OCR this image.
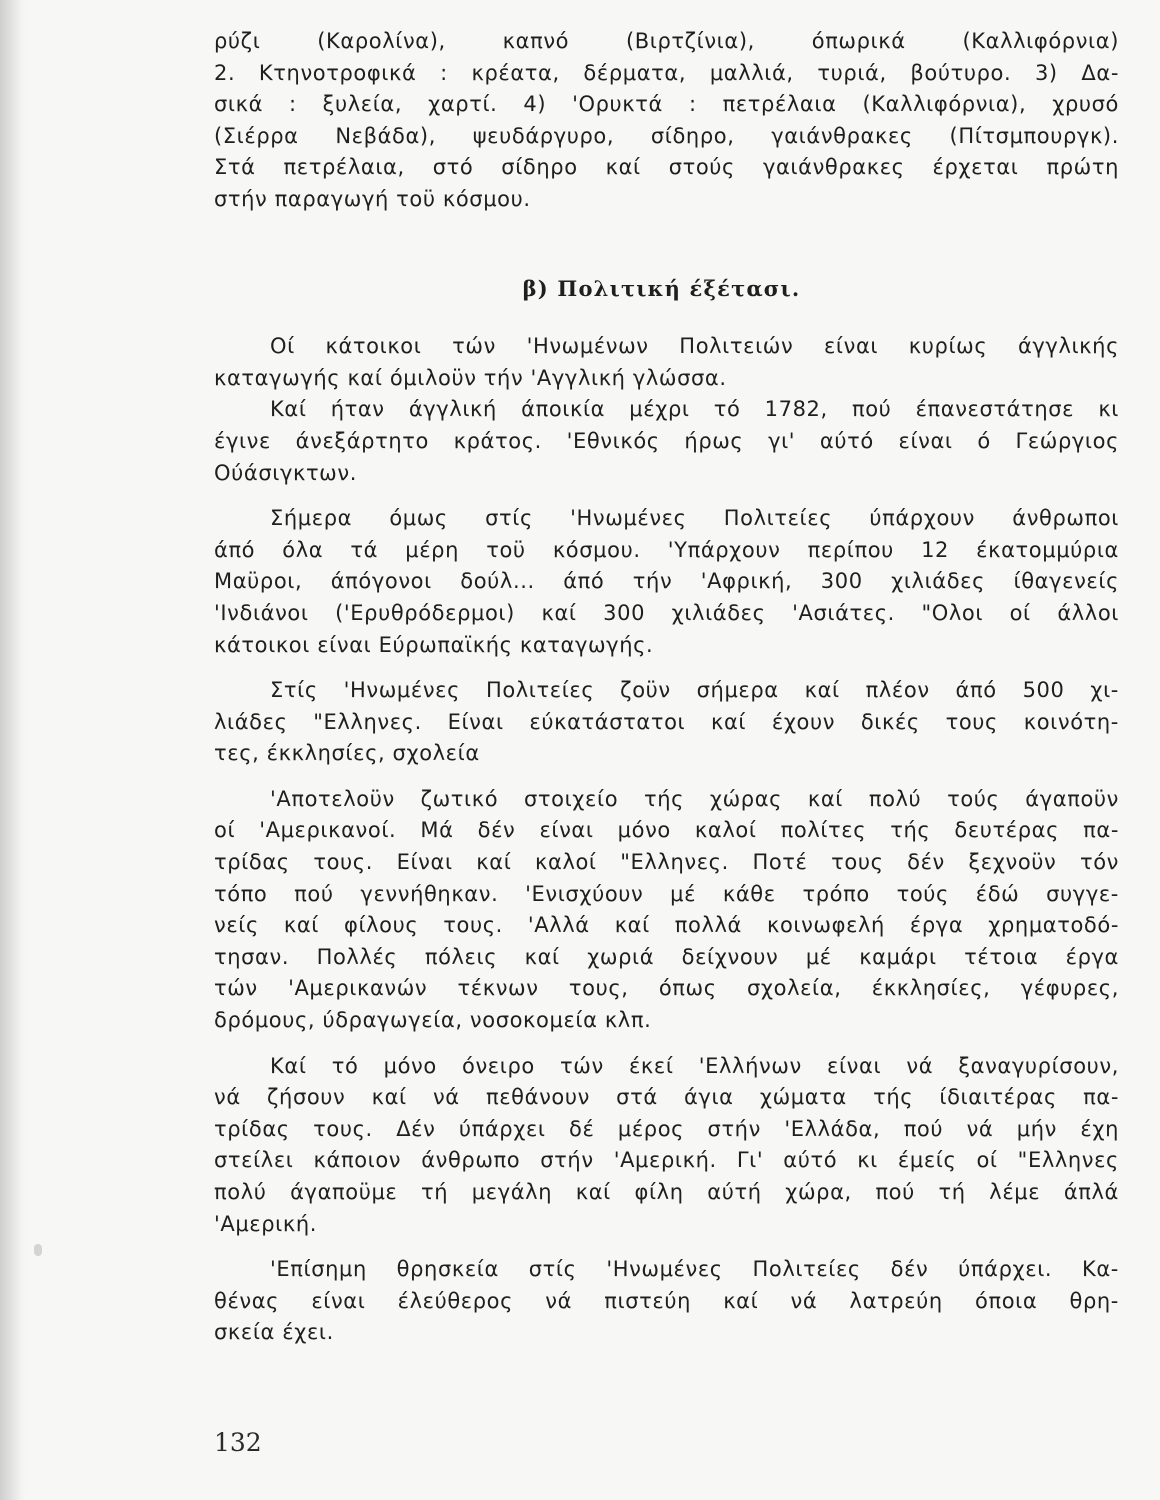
ρύζι (Καρολίνα), καπνό (Βιρτζίνια), όπωρικά (Καλλιφόρνια)
2. Κτηνοτροφικά : κρέατα, δέρματα, μαλλιά, τυριά, βούτυρο. 3) Δα-
σικά : ξυλεία, χαρτί. 4) 'Ορυκτά : πετρέλαια (Καλλιφόρνια), χρυσό
(Σιέρρα Νεβάδα), ψευδάργυρο, σίδηρο, γαιάνθρακες (Πίτσμπουργκ).
Στά πετρέλαια, στό σίδηρο καί στούς γαιάνθρακες έρχεται πρώτη
στήν παραγωγή τοϋ κόσμου.
β) Πολιτική έξέτασι.
Οί κάτοικοι τών 'Ηνωμένων Πολιτειών είναι κυρίως άγγλικής
καταγωγής καί όμιλοϋν τήν 'Αγγλική γλώσσα.
Καί ήταν άγγλική άποικία μέχρι τό 1782, πού έπανεστάτησε κι
έγινε άνεξάρτητο κράτος. 'Εθνικός ήρως γι' αύτό είναι ό Γεώργιος
Ούάσιγκτων.
Σήμερα όμως στίς 'Ηνωμένες Πολιτείες ύπάρχουν άνθρωποι
άπό όλα τά μέρη τοϋ κόσμου. 'Υπάρχουν περίπου 12 έκατομμύρια
Μαϋροι, άπόγονοι δούλ... άπό τήν 'Αφρική, 300 χιλιάδες ίθαγενείς
'Ινδιάνοι ('Ερυθρόδερμοι) καί 300 χιλιάδες 'Ασιάτες. "Ολοι οί άλλοι
κάτοικοι είναι Εύρωπαϊκής καταγωγής.
Στίς 'Ηνωμένες Πολιτείες ζοϋν σήμερα καί πλέον άπό 500 χι-
λιάδες "Ελληνες. Είναι εύκατάστατοι καί έχουν δικές τους κοινότη-
τες, έκκλησίες, σχολεία
'Αποτελοϋν ζωτικό στοιχείο τής χώρας καί πολύ τούς άγαποϋν
οί 'Αμερικανοί. Μά δέν είναι μόνο καλοί πολίτες τής δευτέρας πα-
τρίδας τους. Είναι καί καλοί "Ελληνες. Ποτέ τους δέν ξεχνοϋν τόν
τόπο πού γεννήθηκαν. 'Ενισχύουν μέ κάθε τρόπο τούς έδώ συγγε-
νείς καί φίλους τους. 'Αλλά καί πολλά κοινωφελή έργα χρηματοδό-
τησαν. Πολλές πόλεις καί χωριά δείχνουν μέ καμάρι τέτοια έργα
τών 'Αμερικανών τέκνων τους, όπως σχολεία, έκκλησίες, γέφυρες,
δρόμους, ύδραγωγεία, νοσοκομεία κλπ.
Καί τό μόνο όνειρο τών έκεί 'Ελλήνων είναι νά ξαναγυρίσουν,
νά ζήσουν καί νά πεθάνουν στά άγια χώματα τής ίδιαιτέρας πα-
τρίδας τους. Δέν ύπάρχει δέ μέρος στήν 'Ελλάδα, πού νά μήν έχη
στείλει κάποιον άνθρωπο στήν 'Αμερική. Γι' αύτό κι έμείς οί "Ελληνες
πολύ άγαποϋμε τή μεγάλη καί φίλη αύτή χώρα, πού τή λέμε άπλά
'Αμερική.
'Επίσημη θρησκεία στίς 'Ηνωμένες Πολιτείες δέν ύπάρχει. Κα-
θένας είναι έλεύθερος νά πιστεύη καί νά λατρεύη όποια θρη-
σκεία έχει.
132
